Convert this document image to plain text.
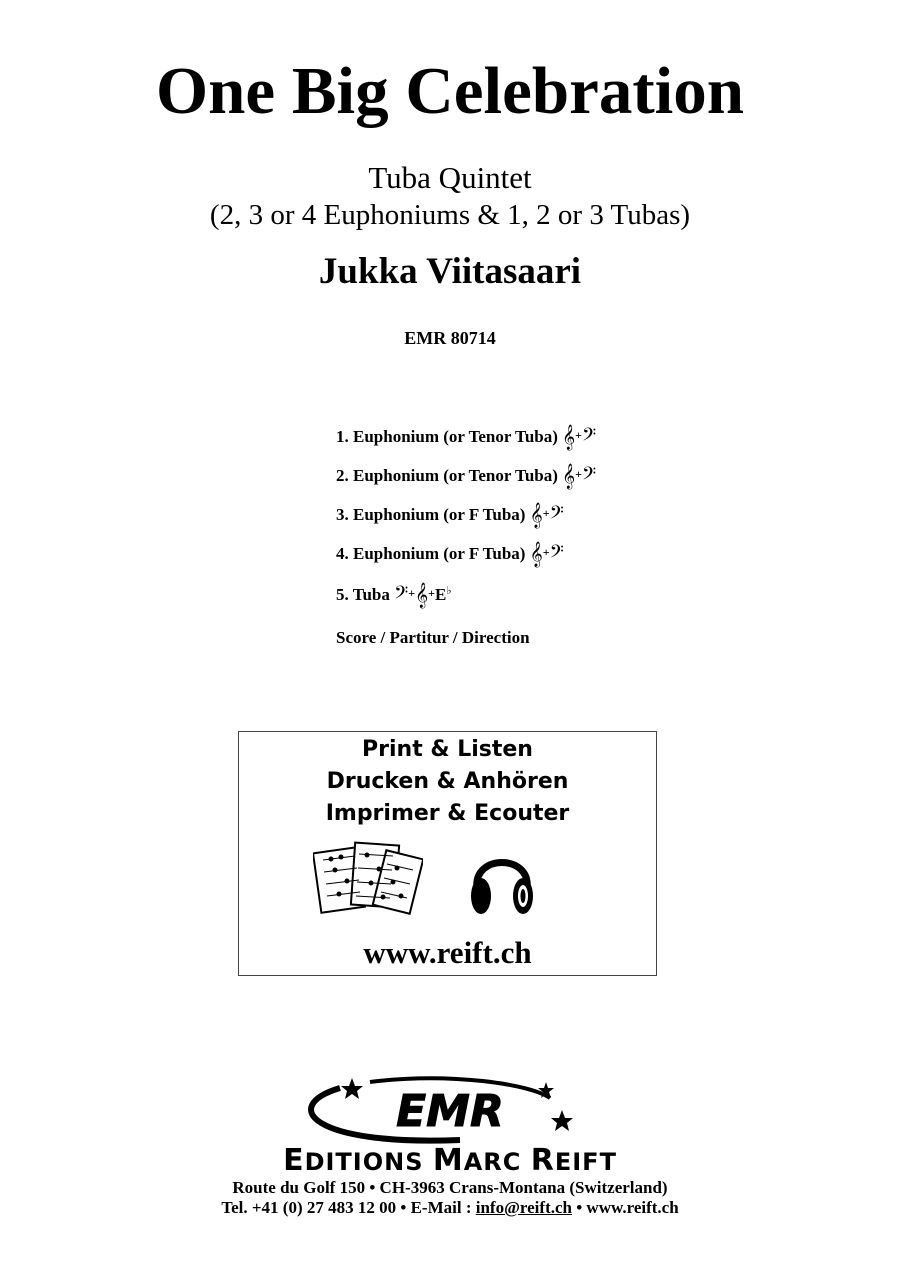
One Big Celebration
Tuba Quintet
(2, 3 or 4 Euphoniums & 1, 2 or 3 Tubas)
Jukka Viitasaari
EMR 80714
1. Euphonium (or Tenor Tuba) 𝄞+𝄢
2. Euphonium (or Tenor Tuba) 𝄞+𝄢
3. Euphonium (or F Tuba) 𝄞+𝄢
4. Euphonium (or F Tuba) 𝄞+𝄢
5. Tuba 𝄢+𝄞+E♭
Score / Partitur / Direction
Print & Listen
Drucken & Anhören
Imprimer & Ecouter
www.reift.ch
EMR
EDITIONS MARC REIFT
Route du Golf 150 • CH-3963 Crans-Montana (Switzerland)
Tel. +41 (0) 27 483 12 00 • E-Mail : info@reift.ch • www.reift.ch
